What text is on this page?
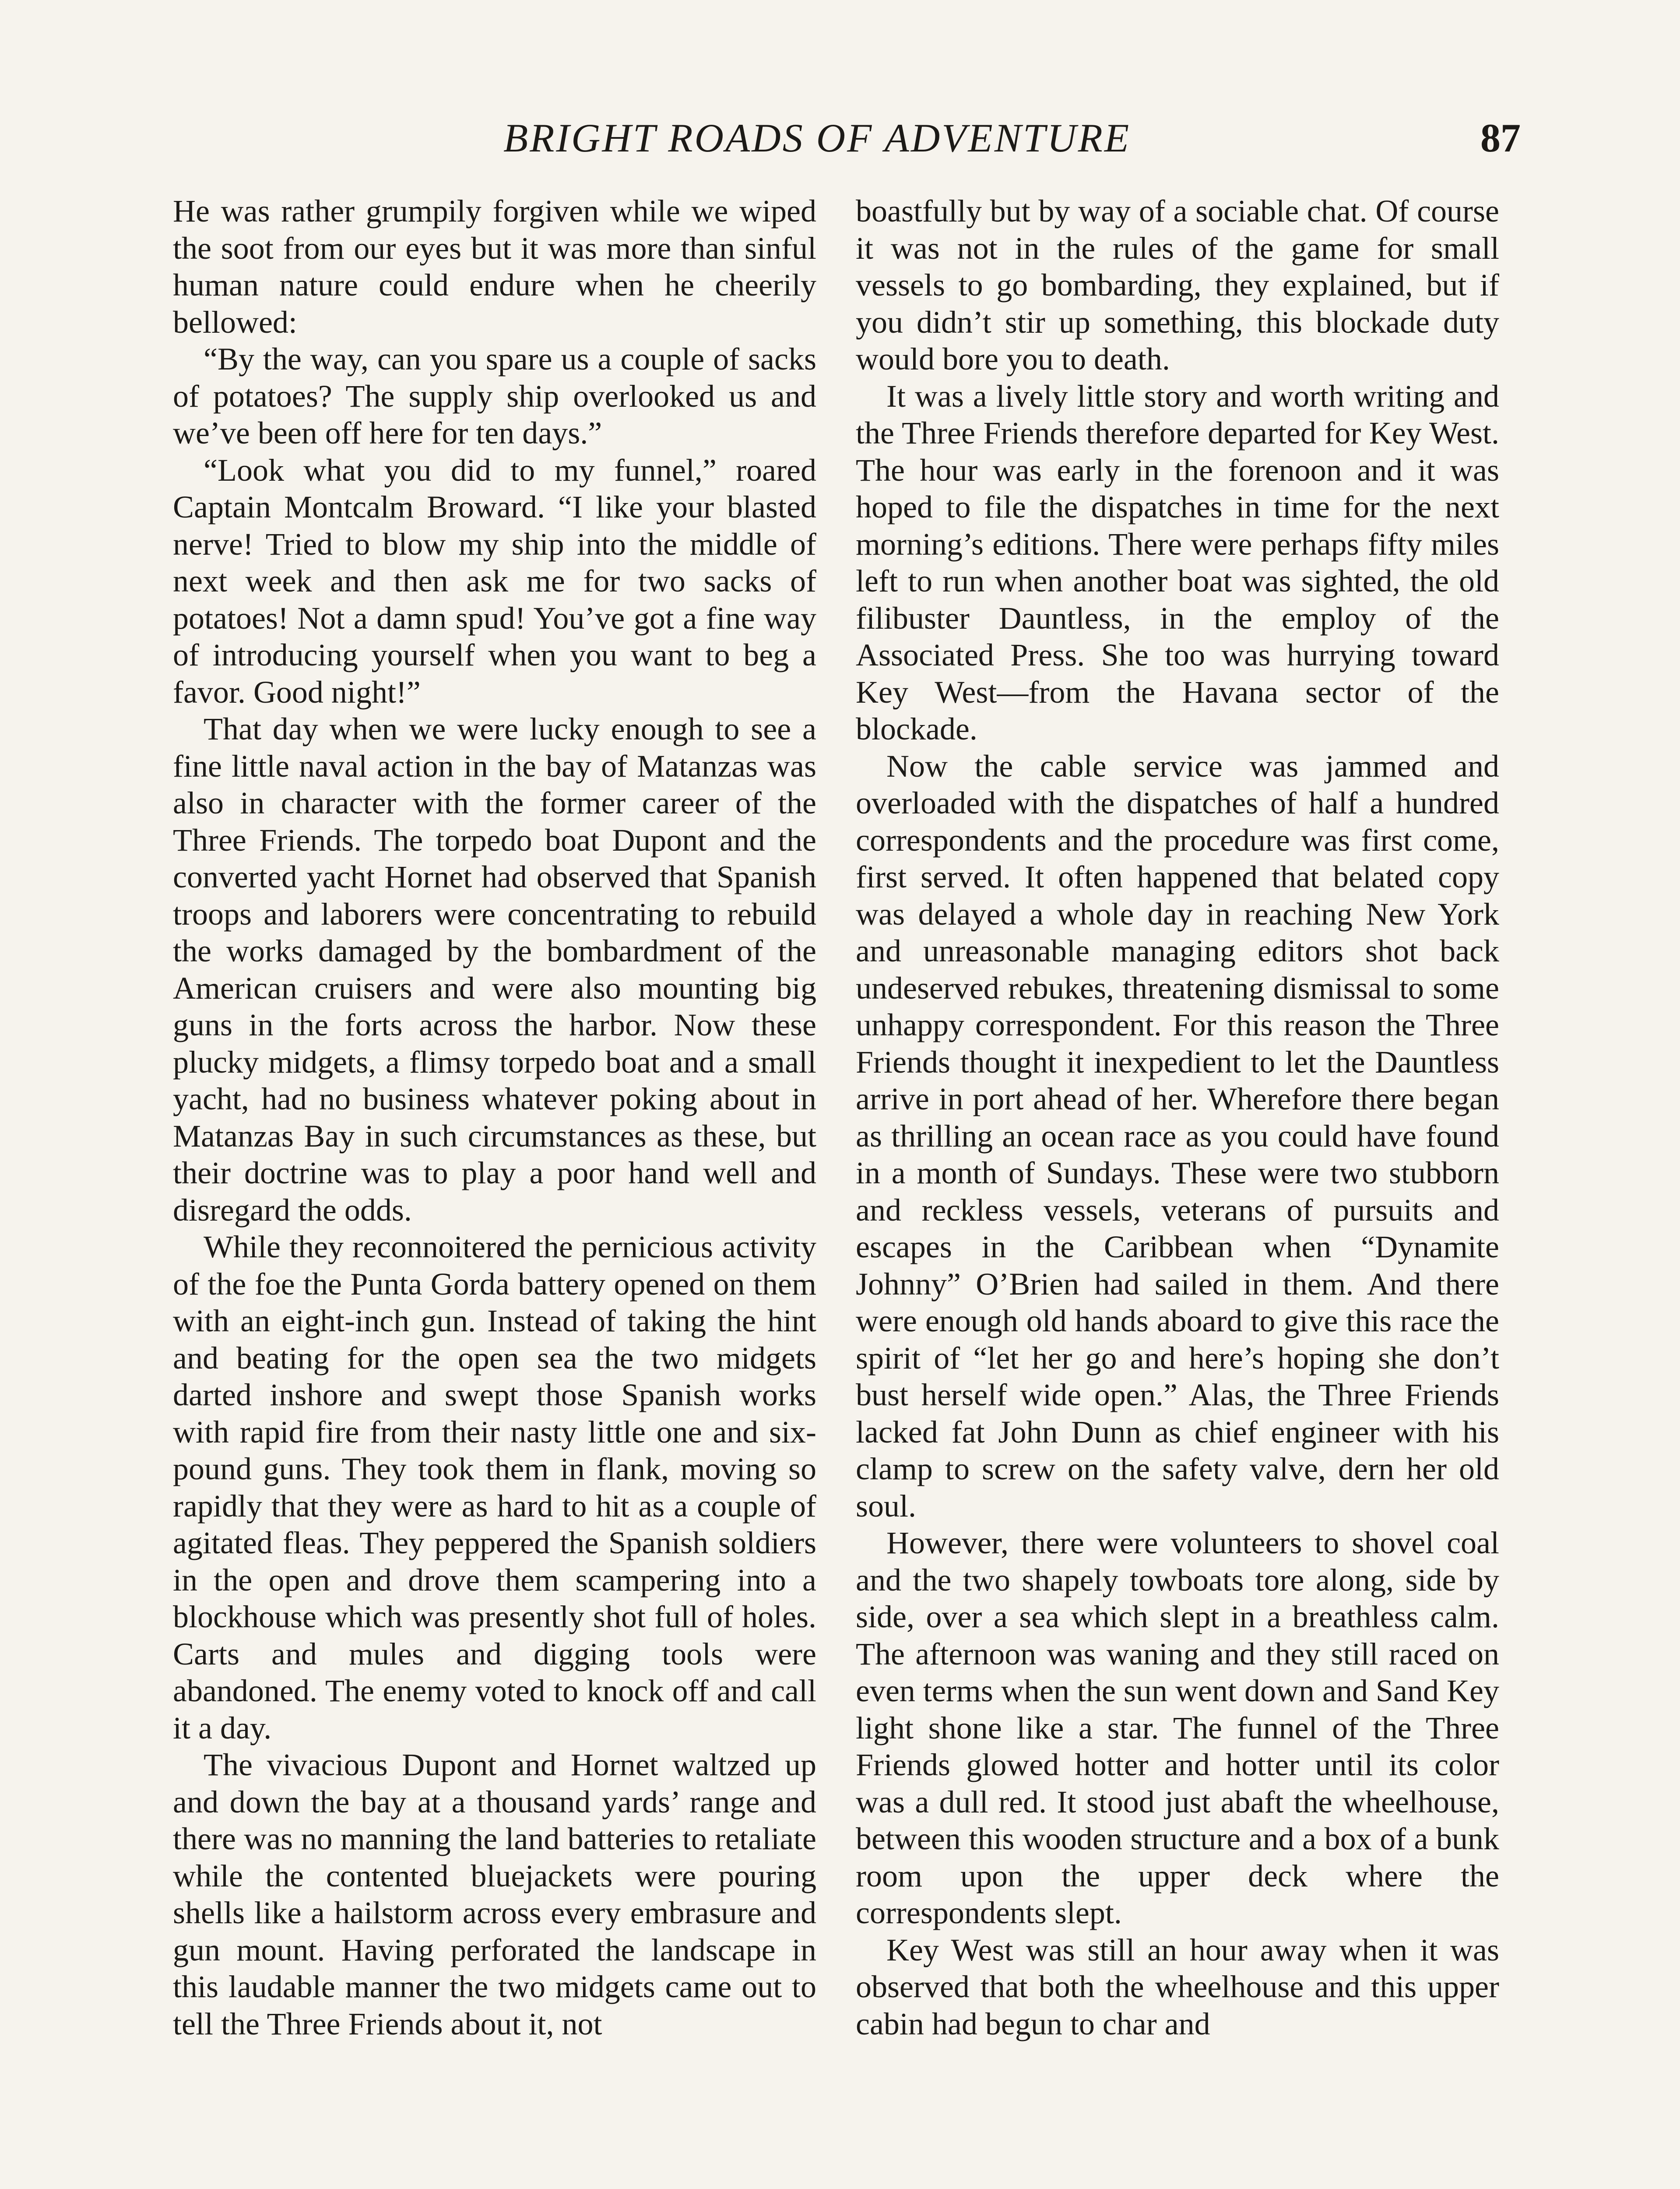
BRIGHT ROADS OF ADVENTURE	87

He was rather grumpily forgiven while we wiped the soot from our eyes but it was more than sinful human nature could endure when he cheerily bellowed:

“By the way, can you spare us a couple of sacks of potatoes? The supply ship overlooked us and we’ve been off here for ten days.”

“Look what you did to my funnel,” roared Captain Montcalm Broward. “I like your blasted nerve! Tried to blow my ship into the middle of next week and then ask me for two sacks of potatoes! Not a damn spud! You’ve got a fine way of introducing yourself when you want to beg a favor. Good night!”

That day when we were lucky enough to see a fine little naval action in the bay of Matanzas was also in character with the former career of the Three Friends. The torpedo boat Dupont and the converted yacht Hornet had observed that Spanish troops and laborers were concentrating to rebuild the works damaged by the bombardment of the American cruisers and were also mounting big guns in the forts across the harbor. Now these plucky midgets, a flimsy torpedo boat and a small yacht, had no business whatever poking about in Matanzas Bay in such circumstances as these, but their doctrine was to play a poor hand well and disregard the odds.

While they reconnoitered the pernicious activity of the foe the Punta Gorda battery opened on them with an eight-inch gun. Instead of taking the hint and beating for the open sea the two midgets darted inshore and swept those Spanish works with rapid fire from their nasty little one and six-pound guns. They took them in flank, moving so rapidly that they were as hard to hit as a couple of agitated fleas. They peppered the Spanish soldiers in the open and drove them scampering into a blockhouse which was presently shot full of holes. Carts and mules and digging tools were abandoned. The enemy voted to knock off and call it a day.

The vivacious Dupont and Hornet waltzed up and down the bay at a thousand yards’ range and there was no manning the land batteries to retaliate while the contented bluejackets were pouring shells like a hailstorm across every embrasure and gun mount. Having perforated the landscape in this laudable manner the two midgets came out to tell the Three Friends about it, not

boastfully but by way of a sociable chat. Of course it was not in the rules of the game for small vessels to go bombarding, they explained, but if you didn’t stir up something, this blockade duty would bore you to death.

It was a lively little story and worth writing and the Three Friends therefore departed for Key West. The hour was early in the forenoon and it was hoped to file the dispatches in time for the next morning’s editions. There were perhaps fifty miles left to run when another boat was sighted, the old filibuster Dauntless, in the employ of the Associated Press. She too was hurrying toward Key West—from the Havana sector of the blockade.

Now the cable service was jammed and overloaded with the dispatches of half a hundred correspondents and the procedure was first come, first served. It often happened that belated copy was delayed a whole day in reaching New York and unreasonable managing editors shot back undeserved rebukes, threatening dismissal to some unhappy correspondent. For this reason the Three Friends thought it inexpedient to let the Dauntless arrive in port ahead of her. Wherefore there began as thrilling an ocean race as you could have found in a month of Sundays. These were two stubborn and reckless vessels, veterans of pursuits and escapes in the Caribbean when “Dynamite Johnny” O’Brien had sailed in them. And there were enough old hands aboard to give this race the spirit of “let her go and here’s hoping she don’t bust herself wide open.” Alas, the Three Friends lacked fat John Dunn as chief engineer with his clamp to screw on the safety valve, dern her old soul.

However, there were volunteers to shovel coal and the two shapely towboats tore along, side by side, over a sea which slept in a breathless calm. The afternoon was waning and they still raced on even terms when the sun went down and Sand Key light shone like a star. The funnel of the Three Friends glowed hotter and hotter until its color was a dull red. It stood just abaft the wheelhouse, between this wooden structure and a box of a bunk room upon the upper deck where the correspondents slept.

Key West was still an hour away when it was observed that both the wheelhouse and this upper cabin had begun to char and
